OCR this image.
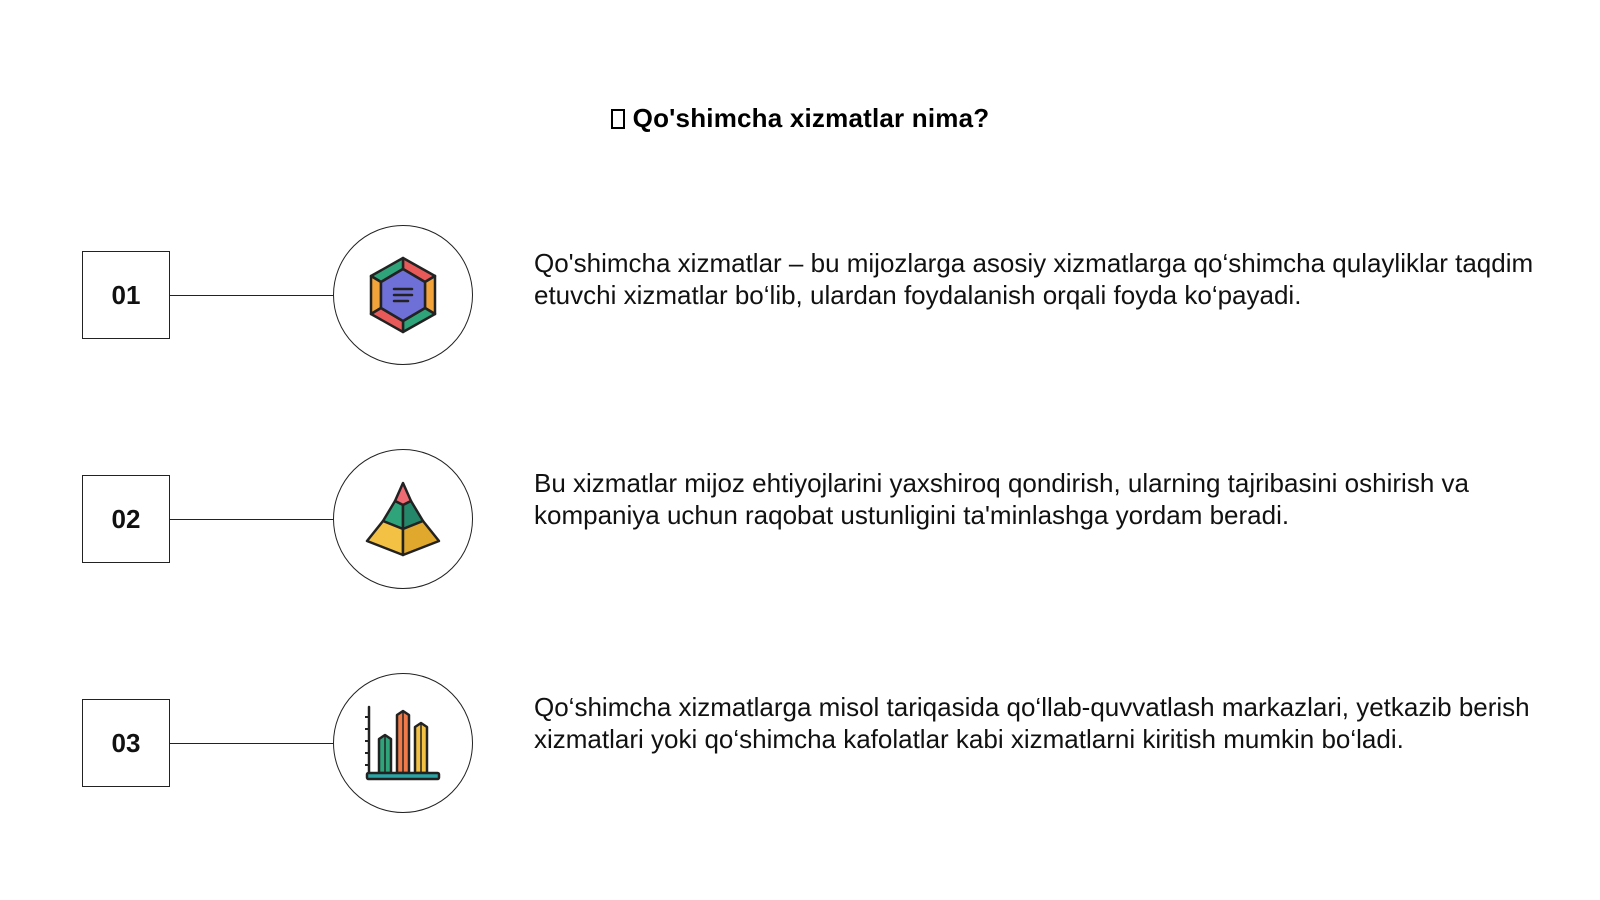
Qo'shimcha xizmatlar nima?
01

Qo'shimcha xizmatlar – bu mijozlarga asosiy xizmatlarga qo‘shimcha qulayliklar taqdim etuvchi xizmatlar bo‘lib, ulardan foydalanish orqali foyda ko‘payadi.

02

Bu xizmatlar mijoz ehtiyojlarini yaxshiroq qondirish, ularning tajribasini oshirish va kompaniya uchun raqobat ustunligini ta'minlashga yordam beradi.

03

Qo‘shimcha xizmatlarga misol tariqasida qo‘llab-quvvatlash markazlari, yetkazib berish xizmatlari yoki qo‘shimcha kafolatlar kabi xizmatlarni kiritish mumkin bo‘ladi.
